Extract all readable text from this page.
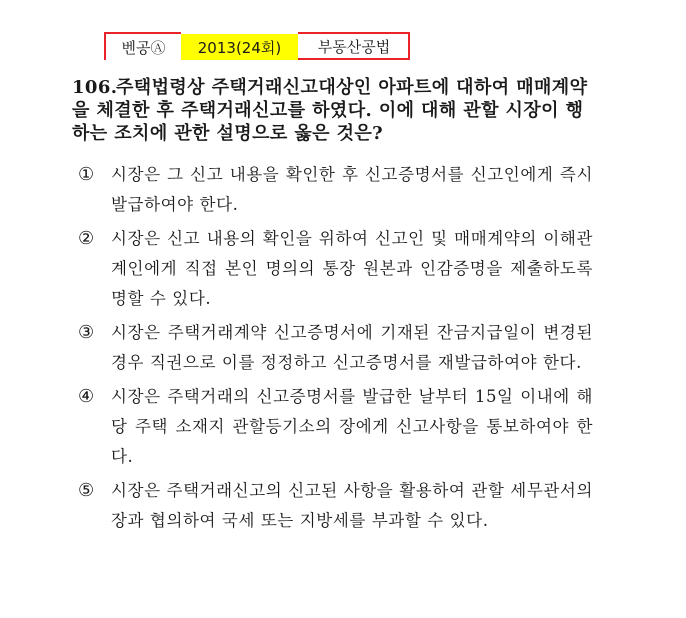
벤공Ⓐ	2013(24회)	부동산공법
106.주택법령상 주택거래신고대상인 아파트에 대하여 매매계약을 체결한 후 주택거래신고를 하였다. 이에 대해 관할 시장이 행하는 조치에 관한 설명으로 옳은 것은?
① 시장은 그 신고 내용을 확인한 후 신고증명서를 신고인에게 즉시 발급하여야 한다.
② 시장은 신고 내용의 확인을 위하여 신고인 및 매매계약의 이해관계인에게 직접 본인 명의의 통장 원본과 인감증명을 제출하도록 명할 수 있다.
③ 시장은 주택거래계약 신고증명서에 기재된 잔금지급일이 변경된 경우 직권으로 이를 정정하고 신고증명서를 재발급하여야 한다.
④ 시장은 주택거래의 신고증명서를 발급한 날부터 15일 이내에 해당 주택 소재지 관할등기소의 장에게 신고사항을 통보하여야 한다.
⑤ 시장은 주택거래신고의 신고된 사항을 활용하여 관할 세무관서의 장과 협의하여 국세 또는 지방세를 부과할 수 있다.
